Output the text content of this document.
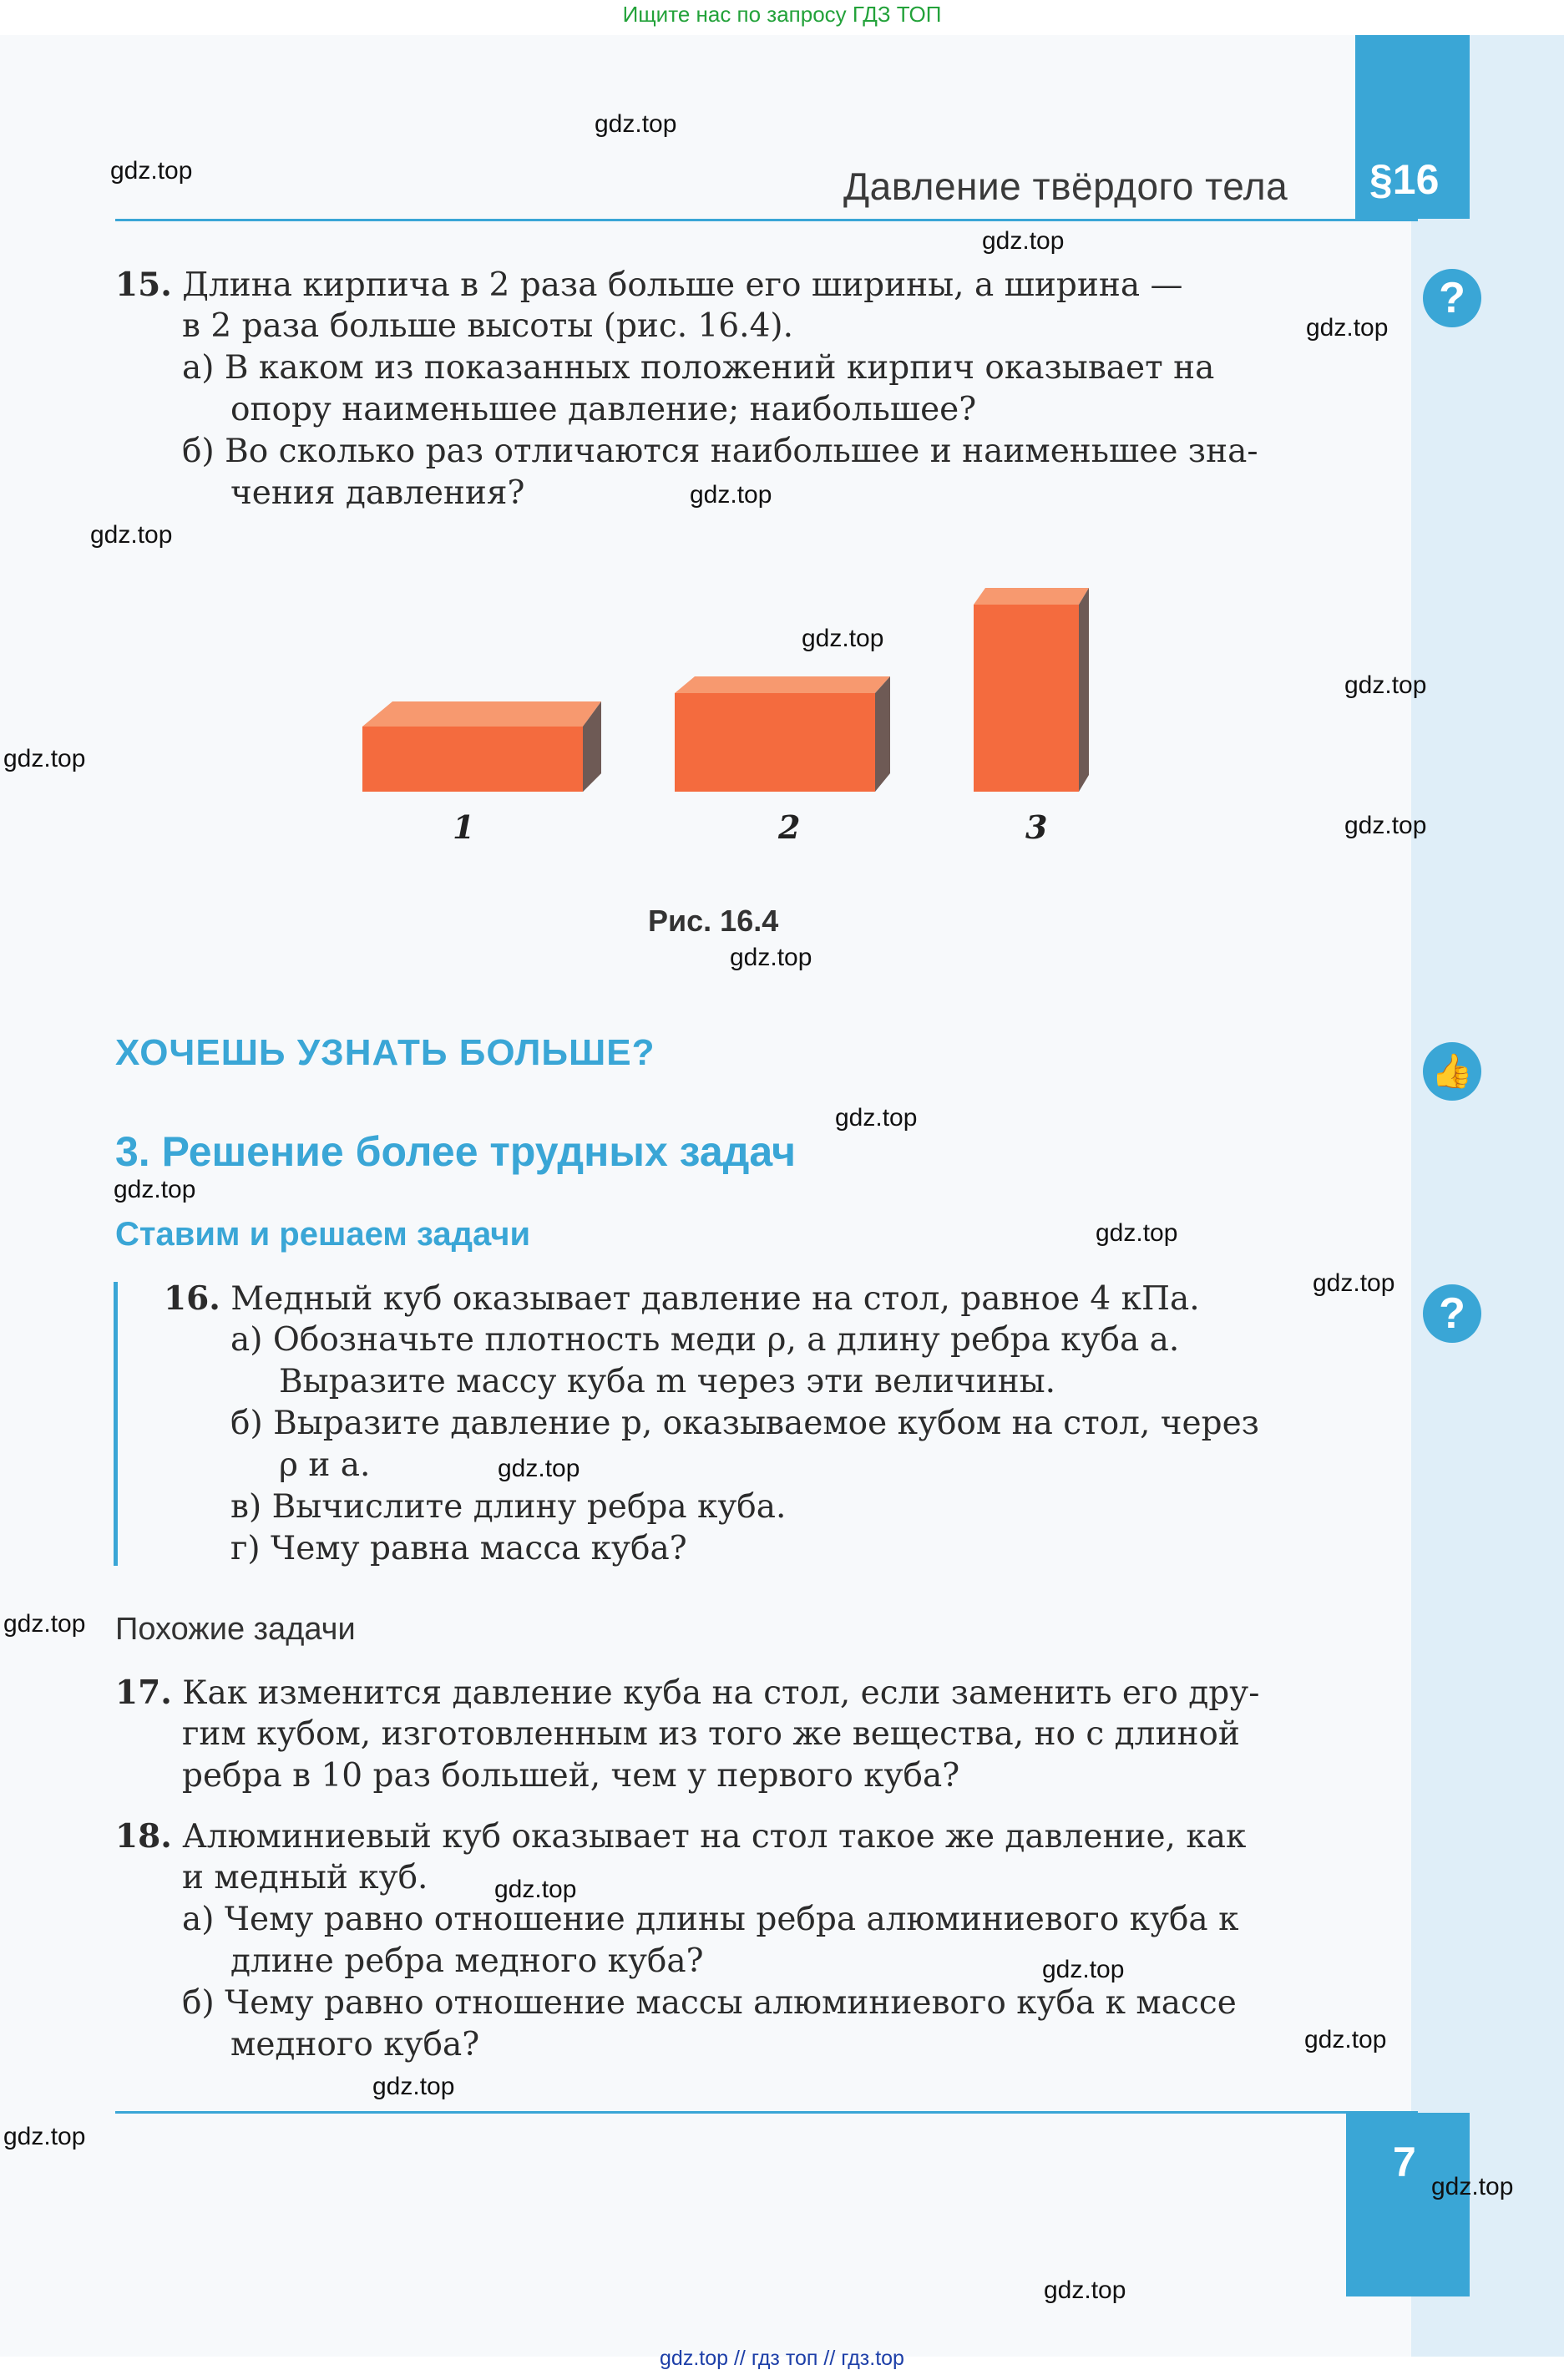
Ищите нас по запросу ГДЗ ТОП
§16
Давление твёрдого тела
?
👍
?
15. Длина кирпича в 2 раза больше его ширины, а ширина —
в 2 раза больше высоты (рис. 16.4).
а) В каком из показанных положений кирпич оказывает на
опору наименьшее давление; наибольшее?
б) Во сколько раз отличаются наибольшее и наименьшее зна-
чения давления?
1	2	3
Рис. 16.4
ХОЧЕШЬ УЗНАТЬ БОЛЬШЕ?
3. Решение более трудных задач
Ставим и решаем задачи
16. Медный куб оказывает давление на стол, равное 4 кПа.
а) Обозначьте плотность меди ρ, а длину ребра куба a.
Выразите массу куба m через эти величины.
б) Выразите давление p, оказываемое кубом на стол, через
ρ и a.
в) Вычислите длину ребра куба.
г) Чему равна масса куба?
Похожие задачи
17. Как изменится давление куба на стол, если заменить его дру-
гим кубом, изготовленным из того же вещества, но с длиной
ребра в 10 раз большей, чем у первого куба?
18. Алюминиевый куб оказывает на стол такое же давление, как
и медный куб.
а) Чему равно отношение длины ребра алюминиевого куба к
длине ребра медного куба?
б) Чему равно отношение массы алюминиевого куба к массе
медного куба?
7
gdz.top
gdz.top
gdz.top
gdz.top
gdz.top
gdz.top
gdz.top
gdz.top
gdz.top
gdz.top
gdz.top
gdz.top
gdz.top
gdz.top
gdz.top
gdz.top
gdz.top
gdz.top
gdz.top
gdz.top
gdz.top
gdz.top
gdz.top
gdz.top
gdz.top // гдз топ // гдз.top
